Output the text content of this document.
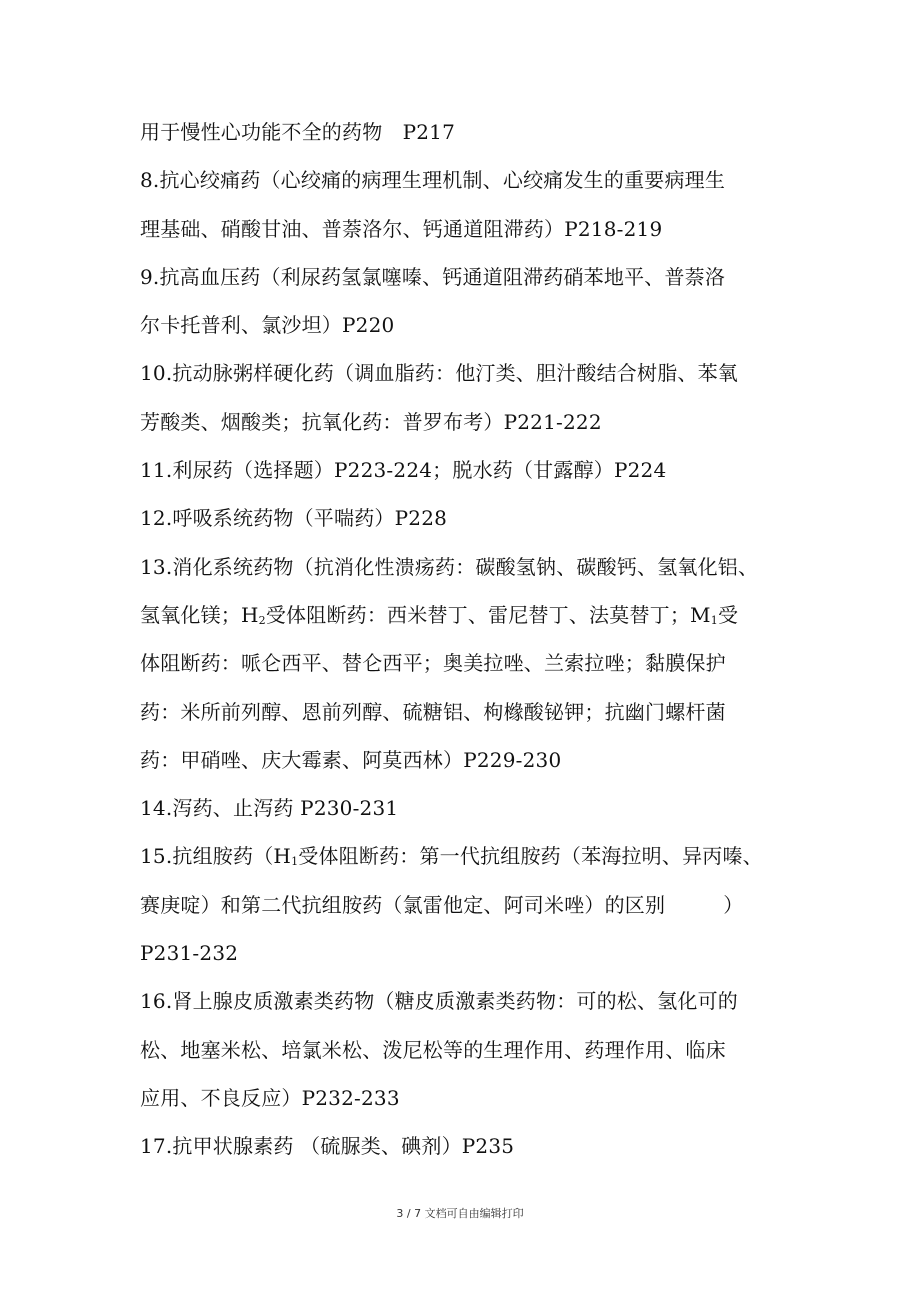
用于慢性心功能不全的药物　P217
8.抗心绞痛药（心绞痛的病理生理机制、心绞痛发生的重要病理生
理基础、硝酸甘油、普萘洛尔、钙通道阻滞药）P218-219
9.抗高血压药（利尿药氢氯噻嗪、钙通道阻滞药硝苯地平、普萘洛
尔卡托普利、氯沙坦）P220
10.抗动脉粥样硬化药（调血脂药：他汀类、胆汁酸结合树脂、苯氧
芳酸类、烟酸类；抗氧化药：普罗布考）P221-222
11.利尿药（选择题）P223-224；脱水药（甘露醇）P224
12.呼吸系统药物（平喘药）P228
13.消化系统药物（抗消化性溃疡药：碳酸氢钠、碳酸钙、氢氧化铝、
氢氧化镁；$H_2$受体阻断药：西米替丁、雷尼替丁、法莫替丁；$M_1$受
体阻断药：哌仑西平、替仑西平；奥美拉唑、兰索拉唑；黏膜保护
药：米所前列醇、恩前列醇、硫糖铝、枸橼酸铋钾；抗幽门螺杆菌
药：甲硝唑、庆大霉素、阿莫西林）P229-230
14.泻药、止泻药 P230-231
15.抗组胺药（$H_1$受体阻断药：第一代抗组胺药（苯海拉明、异丙嗪、
赛庚啶）和第二代抗组胺药（氯雷他定、阿司米唑）的区别	）
P231-232
16.肾上腺皮质激素类药物（糖皮质激素类药物：可的松、氢化可的
松、地塞米松、培氯米松、泼尼松等的生理作用、药理作用、临床
应用、不良反应）P232-233
17.抗甲状腺素药 （硫脲类、碘剂）P235
3 / 7 文档可自由编辑打印
